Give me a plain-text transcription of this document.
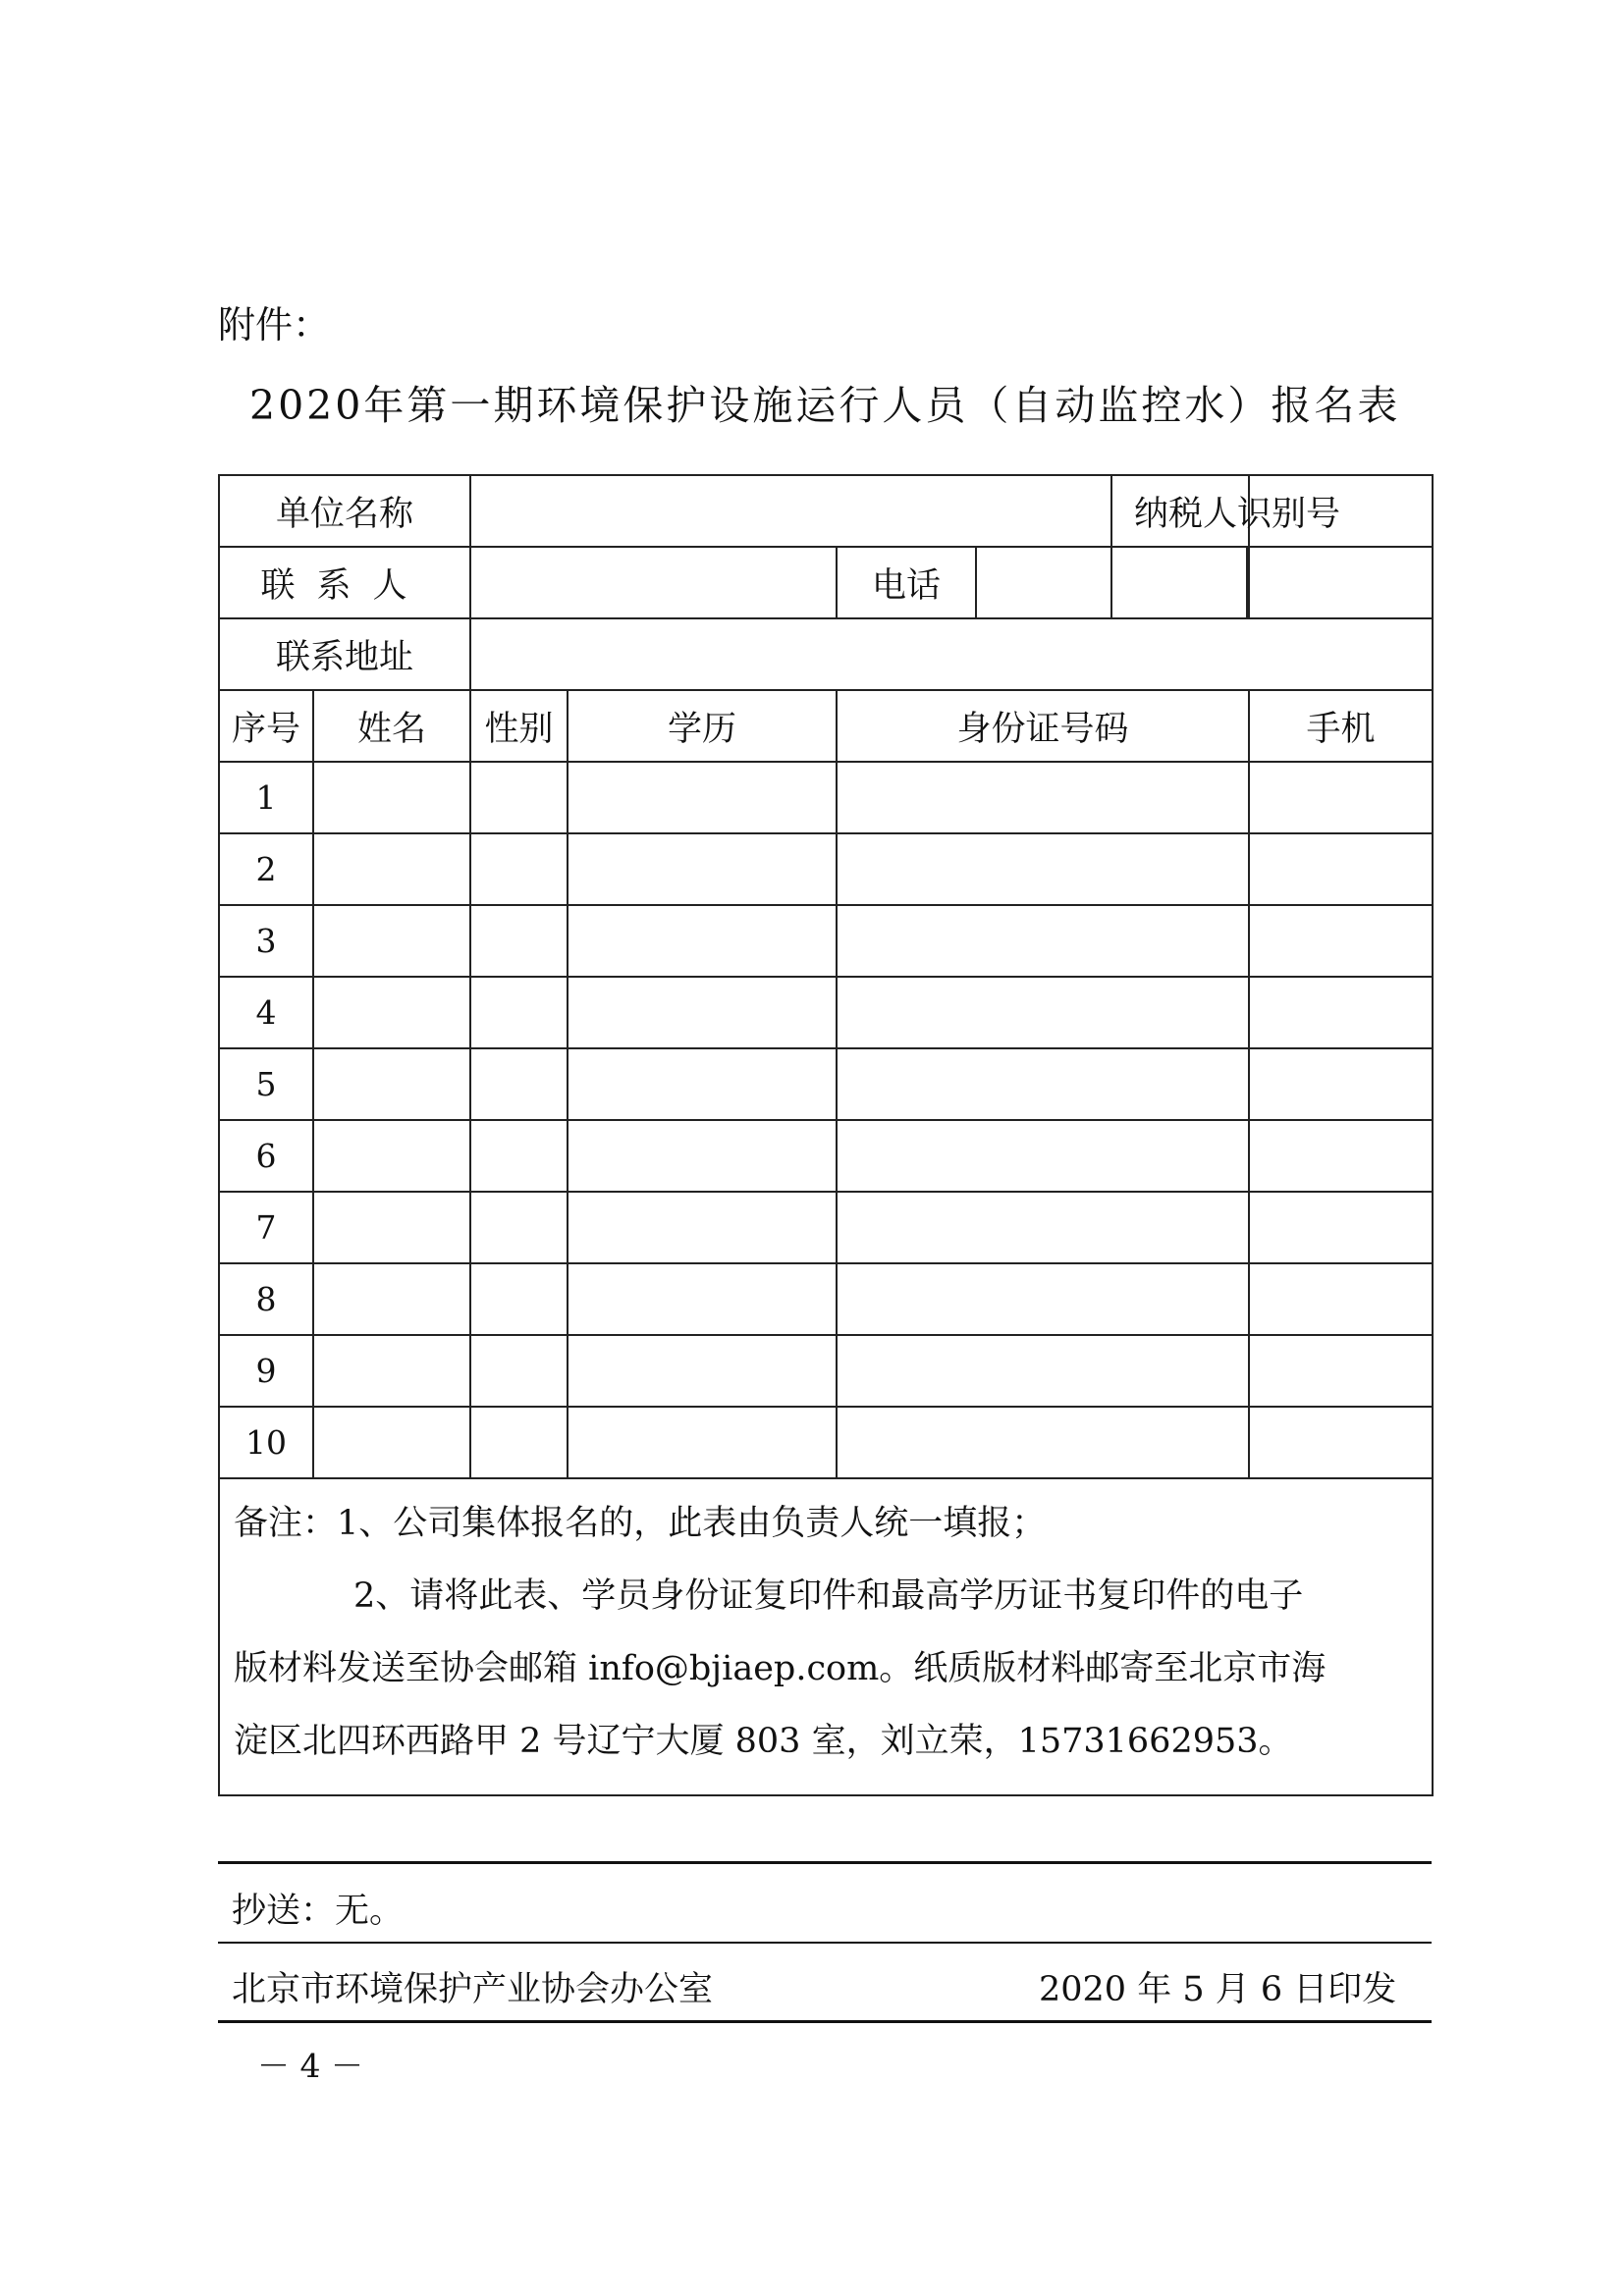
附件：
2020年第一期环境保护设施运行人员（自动监控水）报名表
单位名称					纳税人识别号	
联系人				电话		

联系地址						
序号	姓名	性别	学历	身份证号码		手机
1						
2						
3						
4						
5						
6						
7						
8						
9						
10						

备注：1、公司集体报名的，此表由负责人统一填报；
2、请将此表、学员身份证复印件和最高学历证书复印件的电子
版材料发送至协会邮箱 info@bjiaep.com。纸质版材料邮寄至北京市海
淀区北四环西路甲 2 号辽宁大厦 803 室，刘立荣，15731662953。						
抄送：无。
北京市环境保护产业协会办公室	2020 年 5 月 6 日印发
－ 4 －
